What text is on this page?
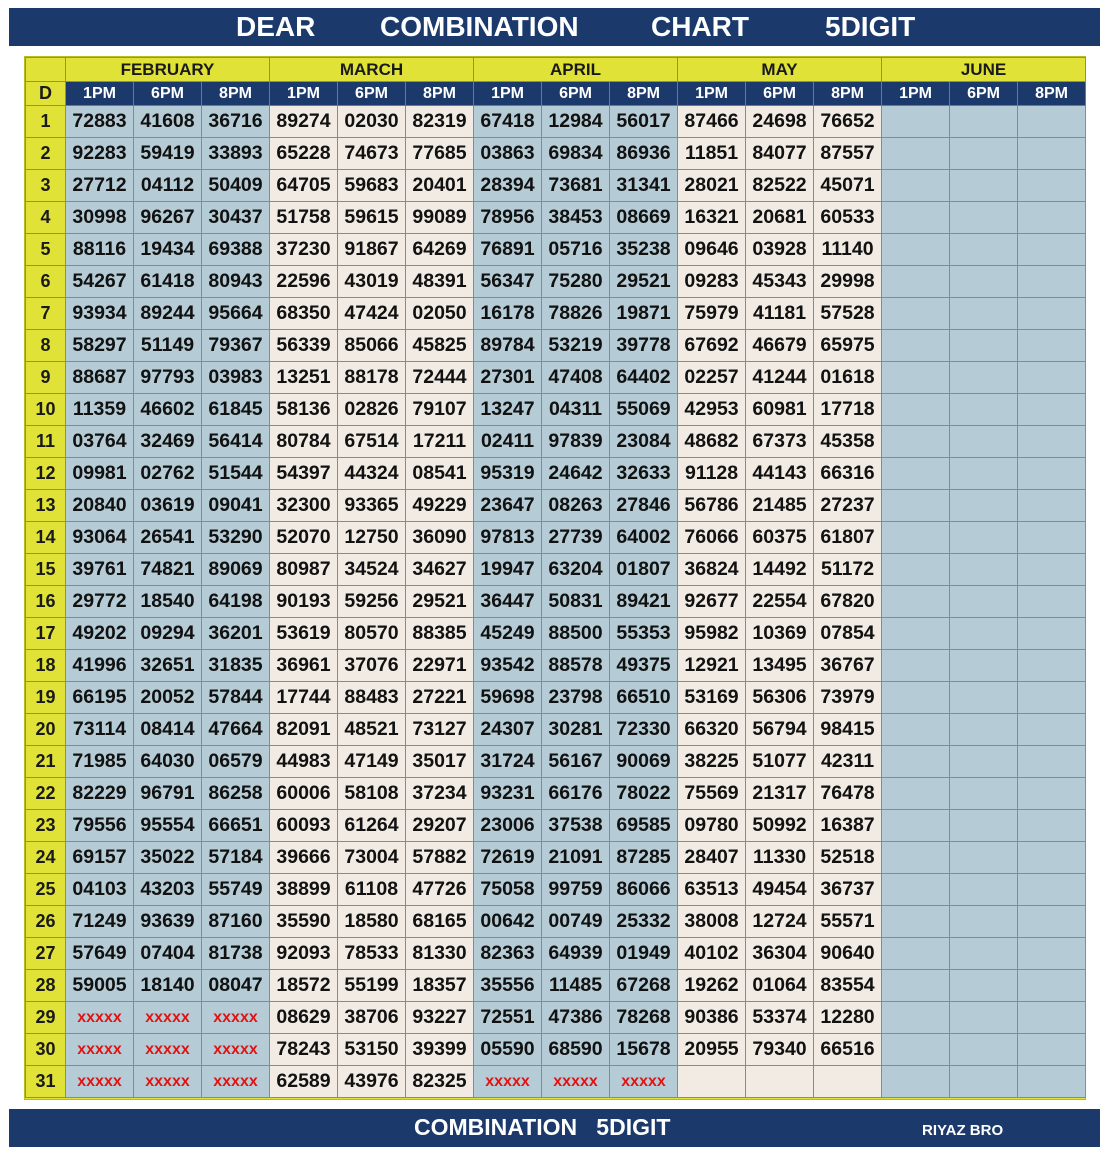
DEAR COMBINATION	CHART	5DIGIT
	FEBRUARY			MARCH			APRIL			MAY			JUNE		
D	1PM	6PM	8PM	1PM	6PM	8PM	1PM	6PM	8PM	1PM	6PM	8PM	1PM	6PM	8PM
1	72883	41608	36716	89274	02030	82319	67418	12984	56017	87466	24698	76652			
2	92283	59419	33893	65228	74673	77685	03863	69834	86936	11851	84077	87557			
3	27712	04112	50409	64705	59683	20401	28394	73681	31341	28021	82522	45071			
4	30998	96267	30437	51758	59615	99089	78956	38453	08669	16321	20681	60533			
5	88116	19434	69388	37230	91867	64269	76891	05716	35238	09646	03928	11140			
6	54267	61418	80943	22596	43019	48391	56347	75280	29521	09283	45343	29998			
7	93934	89244	95664	68350	47424	02050	16178	78826	19871	75979	41181	57528			
8	58297	51149	79367	56339	85066	45825	89784	53219	39778	67692	46679	65975			
9	88687	97793	03983	13251	88178	72444	27301	47408	64402	02257	41244	01618			
10	11359	46602	61845	58136	02826	79107	13247	04311	55069	42953	60981	17718			
11	03764	32469	56414	80784	67514	17211	02411	97839	23084	48682	67373	45358			
12	09981	02762	51544	54397	44324	08541	95319	24642	32633	91128	44143	66316			
13	20840	03619	09041	32300	93365	49229	23647	08263	27846	56786	21485	27237			
14	93064	26541	53290	52070	12750	36090	97813	27739	64002	76066	60375	61807			
15	39761	74821	89069	80987	34524	34627	19947	63204	01807	36824	14492	51172			
16	29772	18540	64198	90193	59256	29521	36447	50831	89421	92677	22554	67820			
17	49202	09294	36201	53619	80570	88385	45249	88500	55353	95982	10369	07854			
18	41996	32651	31835	36961	37076	22971	93542	88578	49375	12921	13495	36767			
19	66195	20052	57844	17744	88483	27221	59698	23798	66510	53169	56306	73979			
20	73114	08414	47664	82091	48521	73127	24307	30281	72330	66320	56794	98415			
21	71985	64030	06579	44983	47149	35017	31724	56167	90069	38225	51077	42311			
22	82229	96791	86258	60006	58108	37234	93231	66176	78022	75569	21317	76478			
23	79556	95554	66651	60093	61264	29207	23006	37538	69585	09780	50992	16387			
24	69157	35022	57184	39666	73004	57882	72619	21091	87285	28407	11330	52518			
25	04103	43203	55749	38899	61108	47726	75058	99759	86066	63513	49454	36737			
26	71249	93639	87160	35590	18580	68165	00642	00749	25332	38008	12724	55571			
27	57649	07404	81738	92093	78533	81330	82363	64939	01949	40102	36304	90640			
28	59005	18140	08047	18572	55199	18357	35556	11485	67268	19262	01064	83554			
29	xxxxx	xxxxx	xxxxx	08629	38706	93227	72551	47386	78268	90386	53374	12280			
30	xxxxx	xxxxx	xxxxx	78243	53150	39399	05590	68590	15678	20955	79340	66516			
31	xxxxx	xxxxx	xxxxx	62589	43976	82325	xxxxx	xxxxx	xxxxx						
COMBINATION 5DIGIT	RIYAZ BRO
